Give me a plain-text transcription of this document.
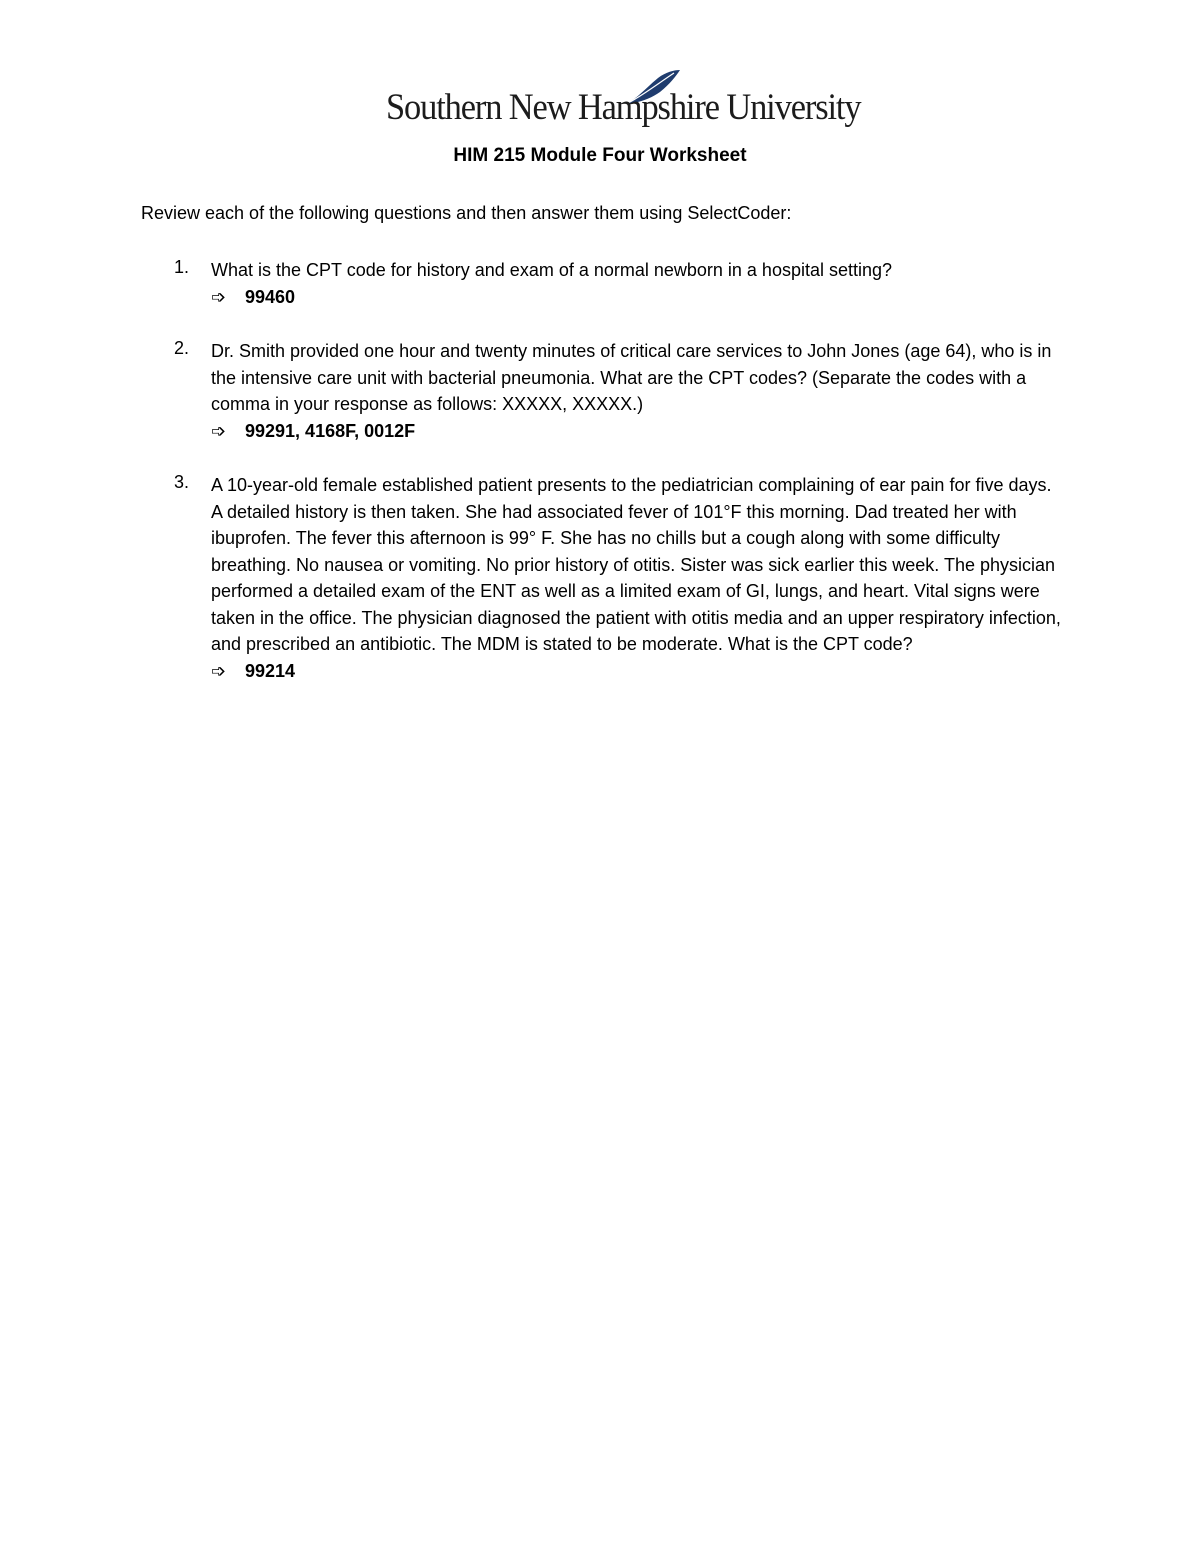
Southern New Hampshire University
HIM 215 Module Four Worksheet
Review each of the following questions and then answer them using SelectCoder:
1. What is the CPT code for history and exam of a normal newborn in a hospital setting?
➩ 99460
2. Dr. Smith provided one hour and twenty minutes of critical care services to John Jones (age 64), who is in the intensive care unit with bacterial pneumonia. What are the CPT codes? (Separate the codes with a comma in your response as follows: XXXXX, XXXXX.)
➩ 99291, 4168F, 0012F
3. A 10-year-old female established patient presents to the pediatrician complaining of ear pain for five days. A detailed history is then taken. She had associated fever of 101°F this morning. Dad treated her with ibuprofen. The fever this afternoon is 99° F. She has no chills but a cough along with some difficulty breathing. No nausea or vomiting. No prior history of otitis. Sister was sick earlier this week. The physician performed a detailed exam of the ENT as well as a limited exam of GI, lungs, and heart. Vital signs were taken in the office. The physician diagnosed the patient with otitis media and an upper respiratory infection, and prescribed an antibiotic. The MDM is stated to be moderate. What is the CPT code?
➩ 99214
